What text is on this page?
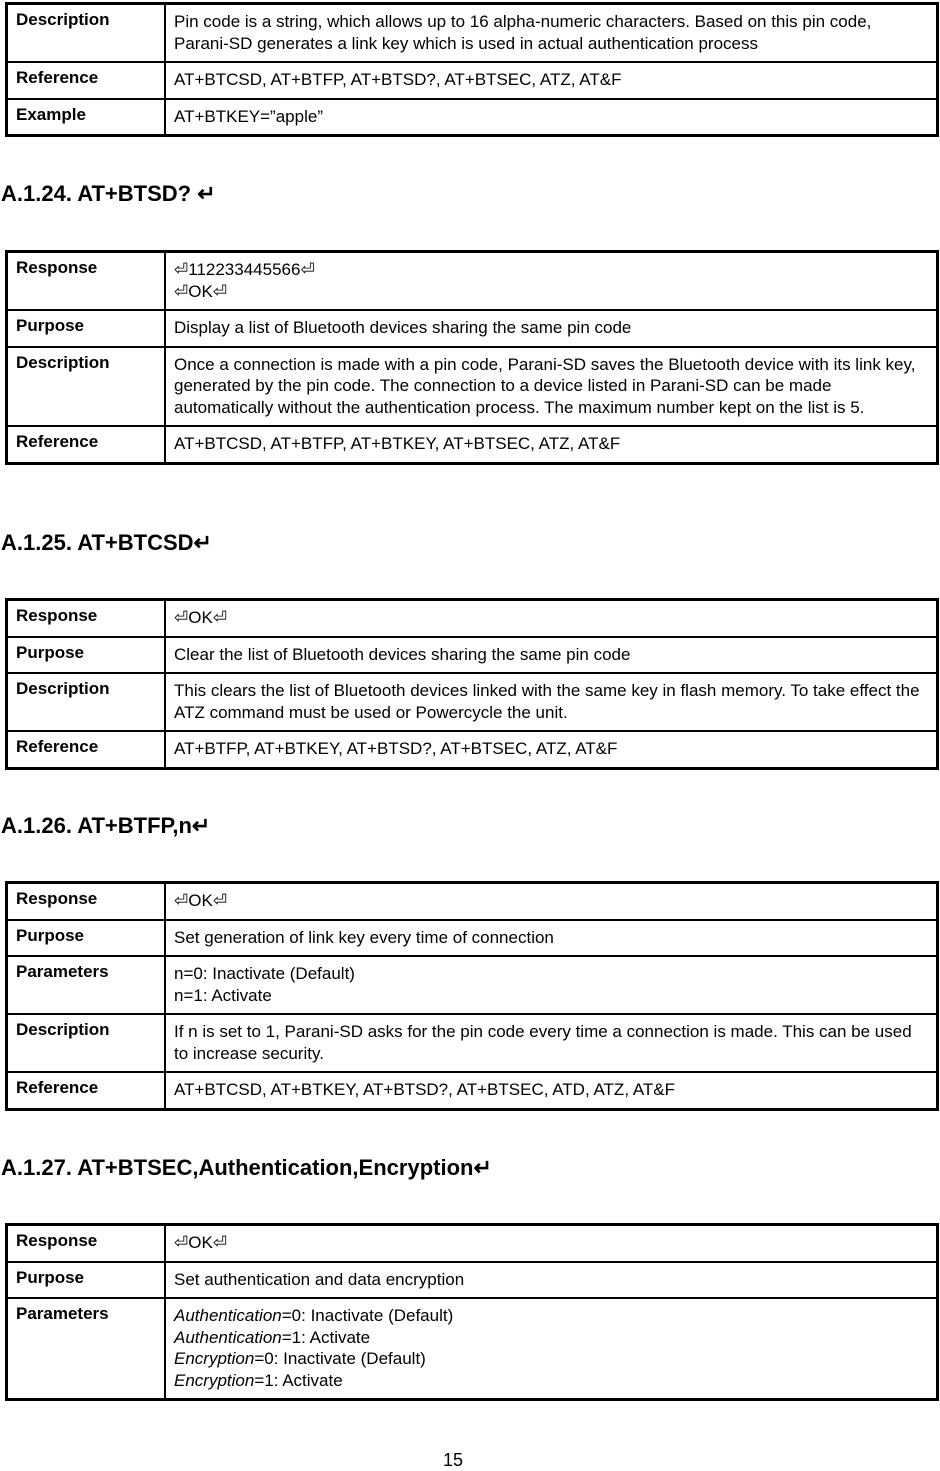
Description	Pin code is a string, which allows up to 16 alpha-numeric characters. Based on this pin code, Parani-SD generates a link key which is used in actual authentication process
Reference	AT+BTCSD, AT+BTFP, AT+BTSD?, AT+BTSEC, ATZ, AT&F
Example	AT+BTKEY=”apple”
A.1.24. AT+BTSD? ↵
Response	⏎112233445566⏎
⏎OK⏎

Purpose	Display a list of Bluetooth devices sharing the same pin code
Description	Once a connection is made with a pin code, Parani-SD saves the Bluetooth device with its link key, generated by the pin code. The connection to a device listed in Parani-SD can be made automatically without the authentication process. The maximum number kept on the list is 5.
Reference	AT+BTCSD, AT+BTFP, AT+BTKEY, AT+BTSEC, ATZ, AT&F
A.1.25. AT+BTCSD↵
Response	⏎OK⏎

Purpose	Clear the list of Bluetooth devices sharing the same pin code
Description	This clears the list of Bluetooth devices linked with the same key in flash memory. To take effect the ATZ command must be used or Powercycle the unit.
Reference	AT+BTFP, AT+BTKEY, AT+BTSD?, AT+BTSEC, ATZ, AT&F
A.1.26. AT+BTFP,n↵
Response	⏎OK⏎

Purpose	Set generation of link key every time of connection
Parameters	n=0: Inactivate (Default)
n=1: Activate

Description	If n is set to 1, Parani-SD asks for the pin code every time a connection is made. This can be used to increase security.
Reference	AT+BTCSD, AT+BTKEY, AT+BTSD?, AT+BTSEC, ATD, ATZ, AT&F
A.1.27. AT+BTSEC,Authentication,Encryption↵
Response	⏎OK⏎

Purpose	Set authentication and data encryption
Parameters	Authentication=0: Inactivate (Default)
Authentication=1: Activate
Encryption=0: Inactivate (Default)
Encryption=1: Activate
15
